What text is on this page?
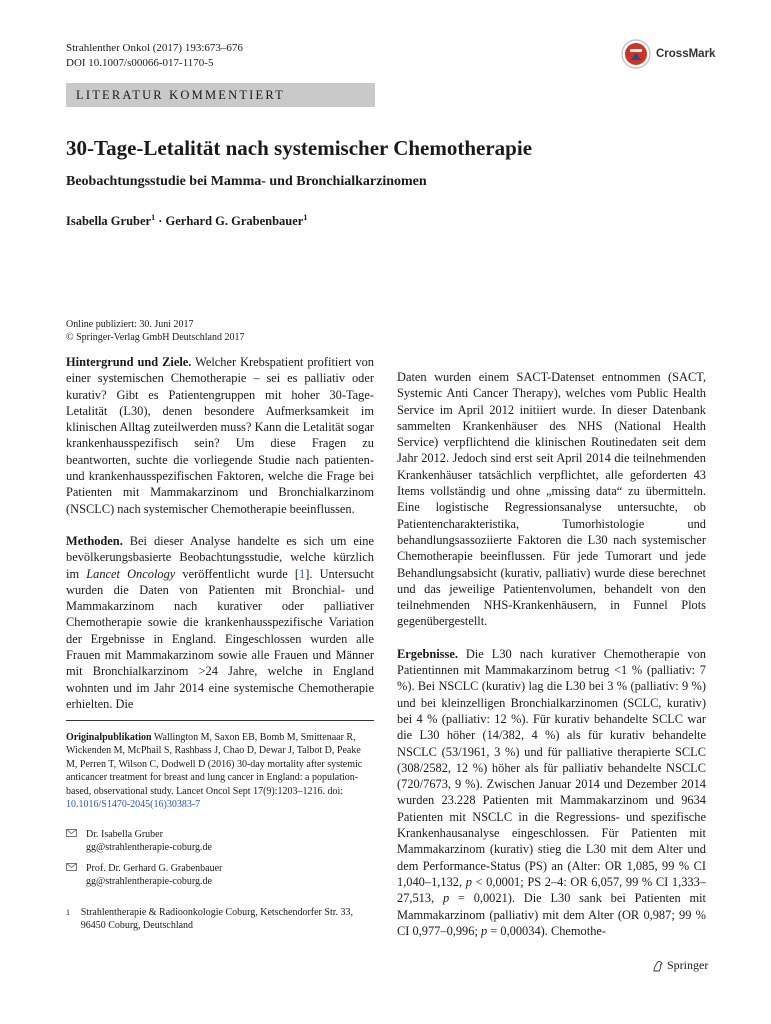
Strahlenther Onkol (2017) 193:673–676
DOI 10.1007/s00066-017-1170-5
CrossMark
LITERATUR KOMMENTIERT
30-Tage-Letalität nach systemischer Chemotherapie
Beobachtungsstudie bei Mamma- und Bronchialkarzinomen
Isabella Gruber$^1$ · Gerhard G. Grabenbauer$^1$
Online publiziert: 30. Juni 2017
© Springer-Verlag GmbH Deutschland 2017

Hintergrund und Ziele. Welcher Krebspatient profitiert von einer systemischen Chemotherapie – sei es palliativ oder kurativ? Gibt es Patientengruppen mit hoher 30-Tage-Letalität (L30), denen besondere Aufmerksamkeit im klinischen Alltag zuteilwerden muss? Kann die Letalität sogar krankenhausspezifisch sein? Um diese Fragen zu beantworten, suchte die vorliegende Studie nach patienten- und krankenhausspezifischen Faktoren, welche die Frage bei Patienten mit Mammakarzinom und Bronchialkarzinom (NSCLC) nach systemischer Chemotherapie beeinflussen.

Methoden. Bei dieser Analyse handelte es sich um eine bevölkerungsbasierte Beobachtungsstudie, welche kürzlich im Lancet Oncology veröffentlicht wurde [1]. Untersucht wurden die Daten von Patienten mit Bronchial- und Mammakarzinom nach kurativer oder palliativer Chemotherapie sowie die krankenhausspezifische Variation der Ergebnisse in England. Eingeschlossen wurden alle Frauen mit Mammakarzinom sowie alle Frauen und Männer mit Bronchialkarzinom >24 Jahre, welche in England wohnten und im Jahr 2014 eine systemische Chemotherapie erhielten. Die

Daten wurden einem SACT-Datenset entnommen (SACT, Systemic Anti Cancer Therapy), welches vom Public Health Service im April 2012 initiiert wurde. In dieser Datenbank sammelten Krankenhäuser des NHS (National Health Service) verpflichtend die klinischen Routinedaten seit dem Jahr 2012. Jedoch sind erst seit April 2014 die teilnehmenden Krankenhäuser tatsächlich verpflichtet, alle geforderten 43 Items vollständig und ohne „missing data“ zu übermitteln. Eine logistische Regressionsanalyse untersuchte, ob Patientencharakteristika, Tumorhistologie und behandlungsassoziierte Faktoren die L30 nach systemischer Chemotherapie beeinflussen. Für jede Tumorart und jede Behandlungsabsicht (kurativ, palliativ) wurde diese berechnet und das jeweilige Patientenvolumen, behandelt von den teilnehmenden NHS-Krankenhäusern, in Funnel Plots gegenübergestellt.

Ergebnisse. Die L30 nach kurativer Chemotherapie von Patientinnen mit Mammakarzinom betrug <1 % (palliativ: 7 %). Bei NSCLC (kurativ) lag die L30 bei 3 % (palliativ: 9 %) und bei kleinzelligen Bronchialkarzinomen (SCLC, kurativ) bei 4 % (palliativ: 12 %). Für kurativ behandelte SCLC war die L30 höher (14/382, 4 %) als für kurativ behandelte NSCLC (53/1961, 3 %) und für palliative therapierte SCLC (308/2582, 12 %) höher als für palliativ behandelte NSCLC (720/7673, 9 %). Zwischen Januar 2014 und Dezember 2014 wurden 23.228 Patienten mit Mammakarzinom und 9634 Patienten mit NSCLC in die Regressions- und spezifische Krankenhausanalyse eingeschlossen. Für Patienten mit Mammakarzinom (kurativ) stieg die L30 mit dem Alter und dem Performance-Status (PS) an (Alter: OR 1,085, 99 % CI 1,040–1,132, p < 0,0001; PS 2–4: OR 6,057, 99 % CI 1,333–27,513, p = 0,0021). Die L30 sank bei Patienten mit Mammakarzinom (palliativ) mit dem Alter (OR 0,987; 99 % CI 0,977–0,996; p = 0,00034). Chemothe-

Originalpublikation Wallington M, Saxon EB, Bomb M, Smittenaar R, Wickenden M, McPhail S, Rashbass J, Chao D, Dewar J, Talbot D, Peake M, Perren T, Wilson C, Dodwell D (2016) 30-day mortality after systemic anticancer treatment for breast and lung cancer in England: a population-based, observational study. Lancet Oncol Sept 17(9):1203–1216. doi: 10.1016/S1470-2045(16)30383-7
Dr. Isabella Gruber
gg@strahlentherapie-coburg.de
Prof. Dr. Gerhard G. Grabenbauer
gg@strahlentherapie-coburg.de
1	Strahlentherapie & Radioonkologie Coburg, Ketschendorfer Str. 33, 96450 Coburg, Deutschland
Springer
